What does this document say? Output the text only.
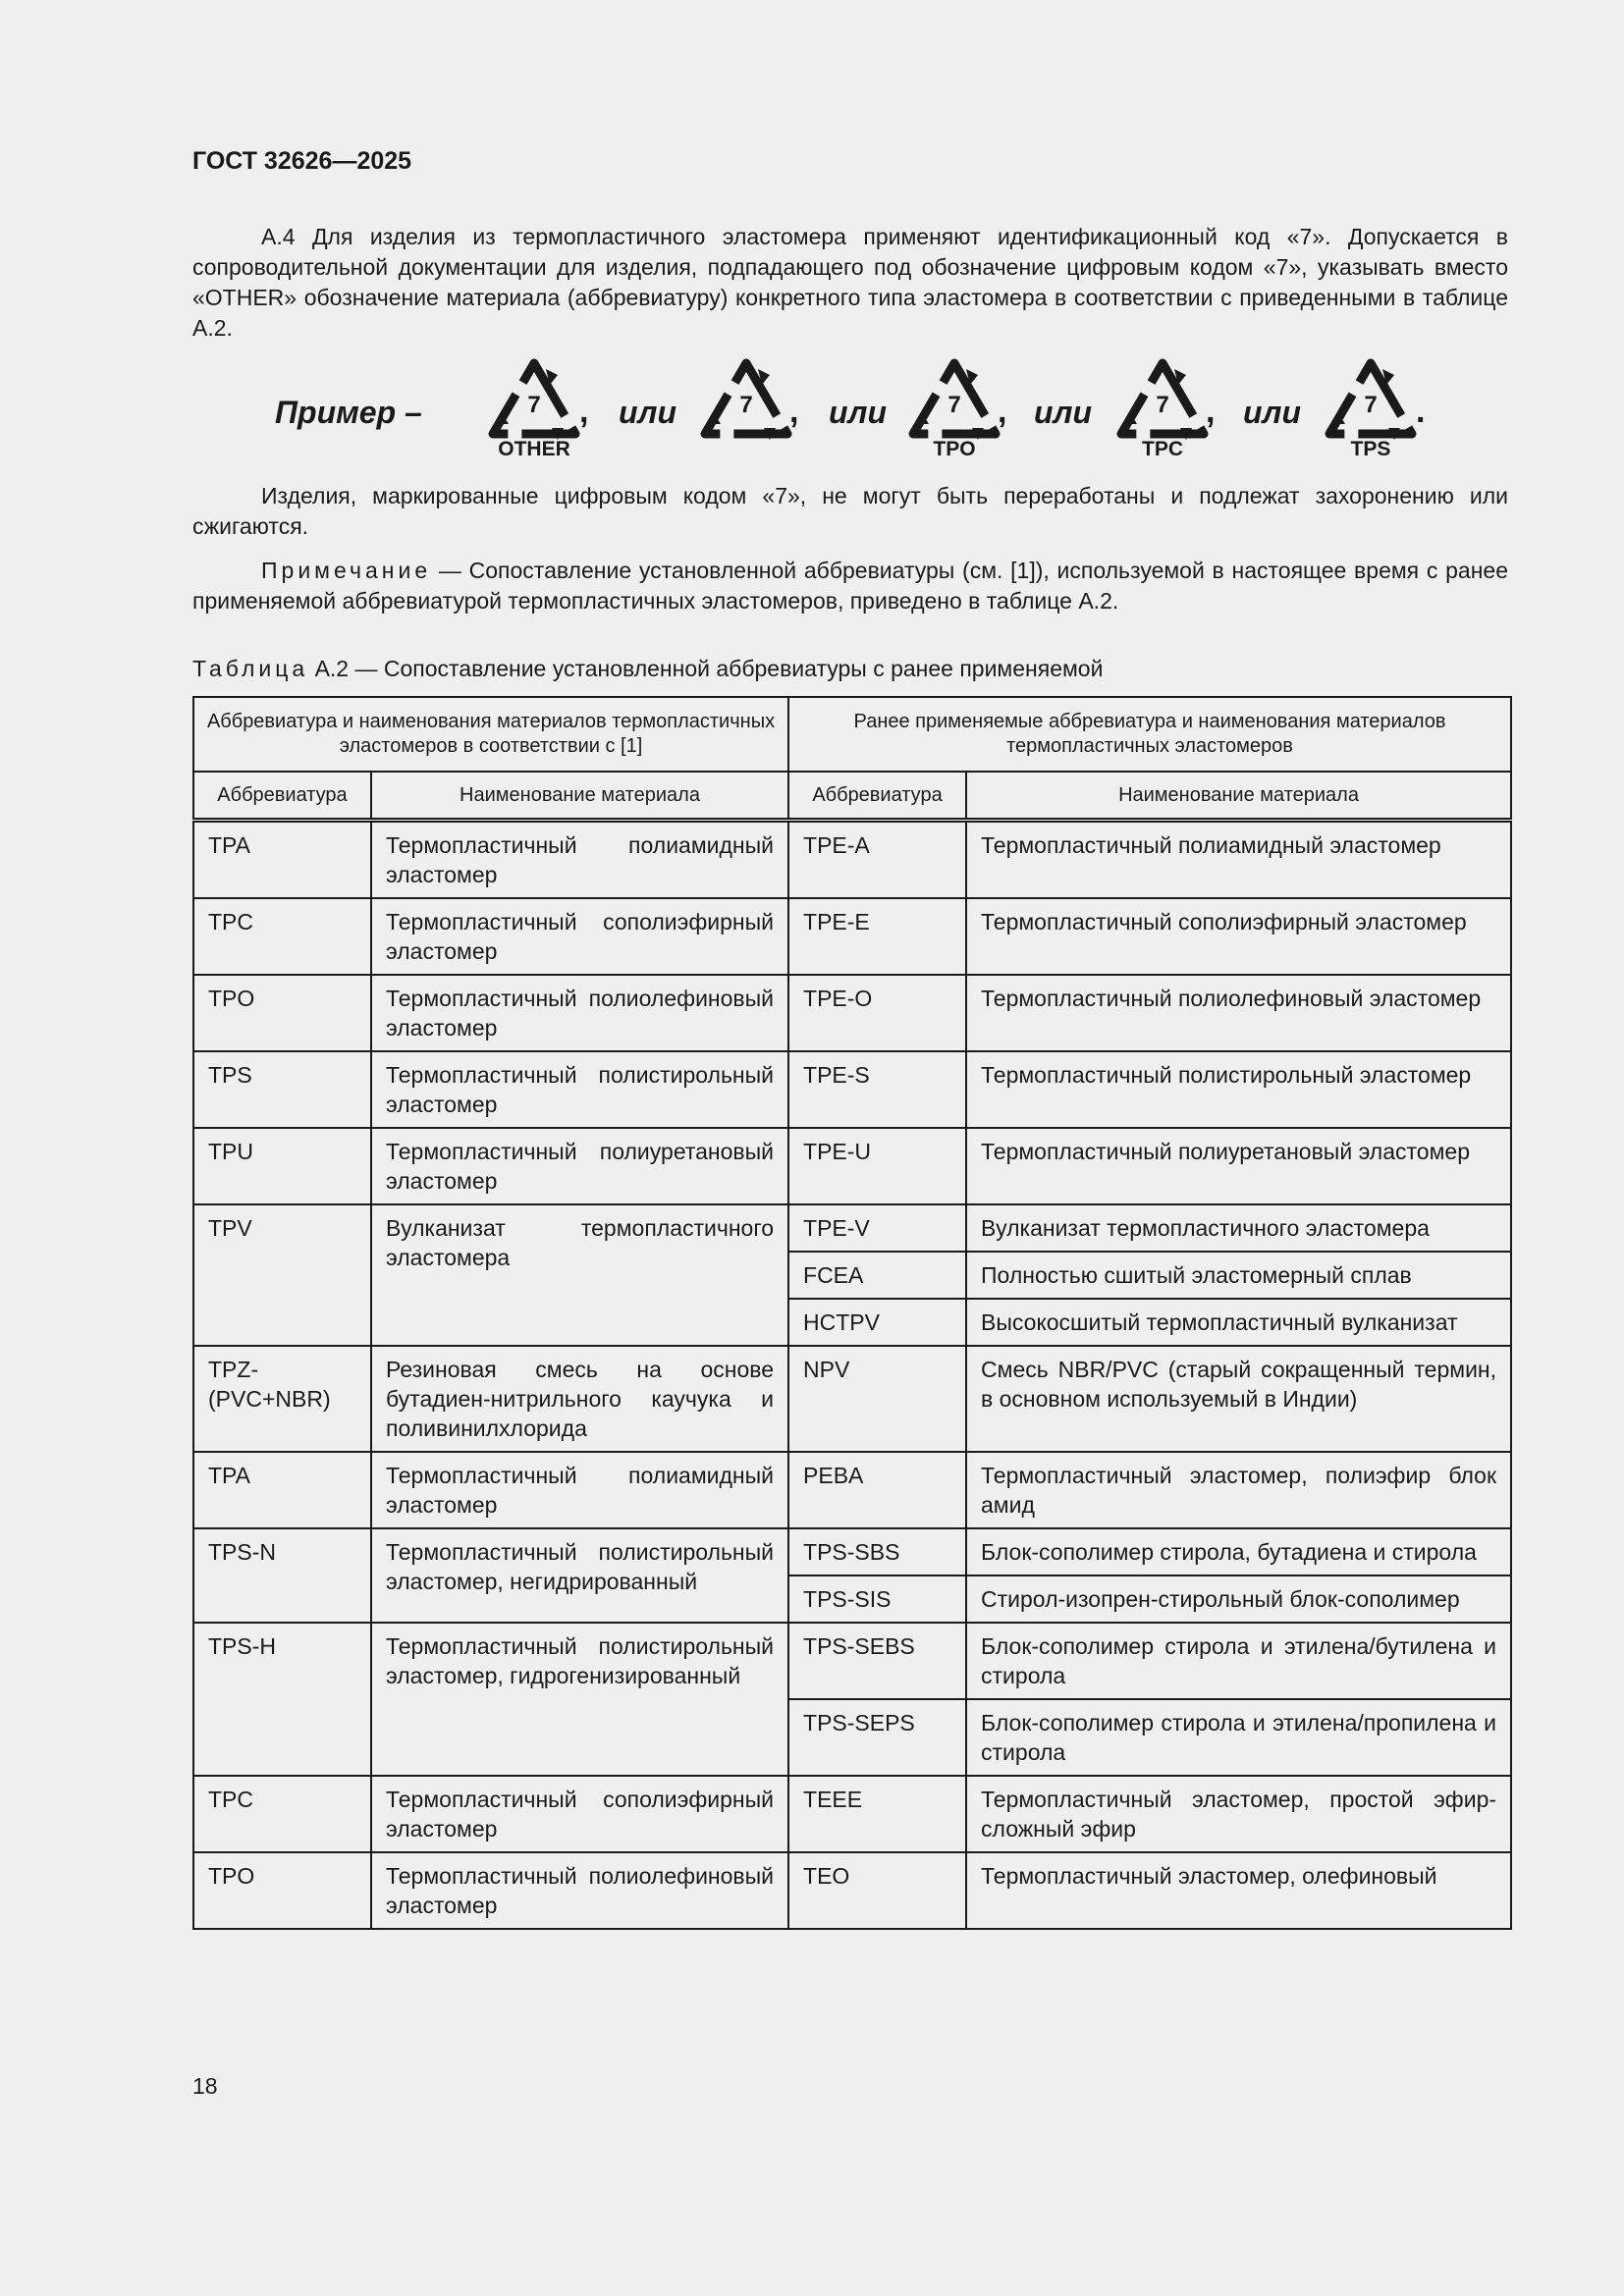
ГОСТ 32626—2025
А.4 Для изделия из термопластичного эластомера применяют идентификационный код «7». Допускается в сопроводительной документации для изделия, подпадающего под обозначение цифровым кодом «7», указывать вместо «OTHER» обозначение материала (аббревиатуру) конкретного типа эластомера в соответствии с приведенными в таблице А.2.
Пример –	7
OTHER
, или	7 , или	7
TPO
, или	7
TPC
, или	7
TPS
.
Изделия, маркированные цифровым кодом «7», не могут быть переработаны и подлежат захоронению или сжигаются.
Примечание — Сопоставление установленной аббревиатуры (см. [1]), используемой в настоящее время с ранее применяемой аббревиатурой термопластичных эластомеров, приведено в таблице А.2.
Таблица А.2 — Сопоставление установленной аббревиатуры с ранее применяемой
Аббревиатура и наименования материалов термопластичных эластомеров в соответствии с [1]		Ранее применяемые аббревиатура и наименования материалов термопластичных эластомеров	
Аббревиатура	Наименование материала	Аббревиатура	Наименование материала
TPA	Термопластичный полиамидный эластомер	TPE-A	Термопластичный полиамидный эластомер
TPC	Термопластичный сополиэфирный эластомер	TPE-E	Термопластичный сополиэфирный эластомер
TPO	Термопластичный полиолефиновый эластомер	TPE-O	Термопластичный полиолефиновый эластомер
TPS	Термопластичный полистирольный эластомер	TPE-S	Термопластичный полистирольный эластомер
TPU	Термопластичный полиуретановый эластомер	TPE-U	Термопластичный полиуретановый эластомер
TPV	Вулканизат термопластичного эластомера	TPE-V	Вулканизат термопластичного эластомера
		FCEA	Полностью сшитый эластомерный сплав
		HCTPV	Высокосшитый термопластичный вулканизат
TPZ-(PVC+NBR)	Резиновая смесь на основе бутадиен-нитрильного каучука и поливинилхлорида	NPV	Смесь NBR/PVC (старый сокращенный термин, в основном используемый в Индии)
TPA	Термопластичный полиамидный эластомер	PEBA	Термопластичный эластомер, полиэфир блок амид
TPS-N	Термопластичный полистирольный эластомер, негидрированный	TPS-SBS	Блок-сополимер стирола, бутадиена и стирола
		TPS-SIS	Стирол-изопрен-стирольный блок-сополимер
TPS-H	Термопластичный полистирольный эластомер, гидрогенизированный	TPS-SEBS	Блок-сополимер стирола и этилена/бутилена и стирола
		TPS-SEPS	Блок-сополимер стирола и этилена/пропилена и стирола
TPC	Термопластичный сополиэфирный эластомер	TEEE	Термопластичный эластомер, простой эфир-сложный эфир
TPO	Термопластичный полиолефиновый эластомер	TEO	Термопластичный эластомер, олефиновый
18
